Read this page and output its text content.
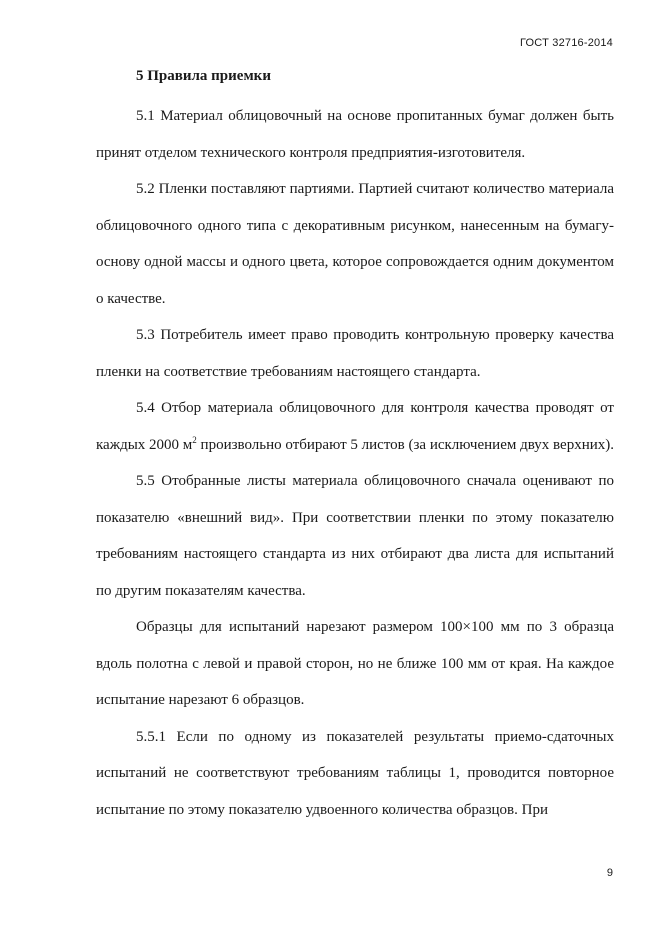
ГОСТ 32716-2014
5 Правила приемки

5.1 Материал облицовочный на основе пропитанных бумаг должен быть принят отделом технического контроля предприятия-изготовителя.

5.2 Пленки поставляют партиями. Партией считают количество материала облицовочного одного типа с декоративным рисунком, нанесенным на бумагу-основу одной массы и одного цвета, которое сопровождается одним документом о качестве.

5.3 Потребитель имеет право проводить контрольную проверку качества пленки на соответствие требованиям настоящего стандарта.

5.4 Отбор материала облицовочного для контроля качества проводят от каждых 2000 $м^2$ произвольно отбирают 5 листов (за исключением двух верхних).

5.5 Отобранные листы материала облицовочного сначала оценивают по показателю «внешний вид». При соответствии пленки по этому показателю требованиям настоящего стандарта из них отбирают два листа для испытаний по другим показателям качества.

Образцы для испытаний нарезают размером 100×100 мм по 3 образца вдоль полотна с левой и правой сторон, но не ближе 100 мм от края. На каждое испытание нарезают 6 образцов.

5.5.1 Если по одному из показателей результаты приемо-сдаточных испытаний не соответствуют требованиям таблицы 1, проводится повторное испытание по этому показателю удвоенного количества образцов. При

9
